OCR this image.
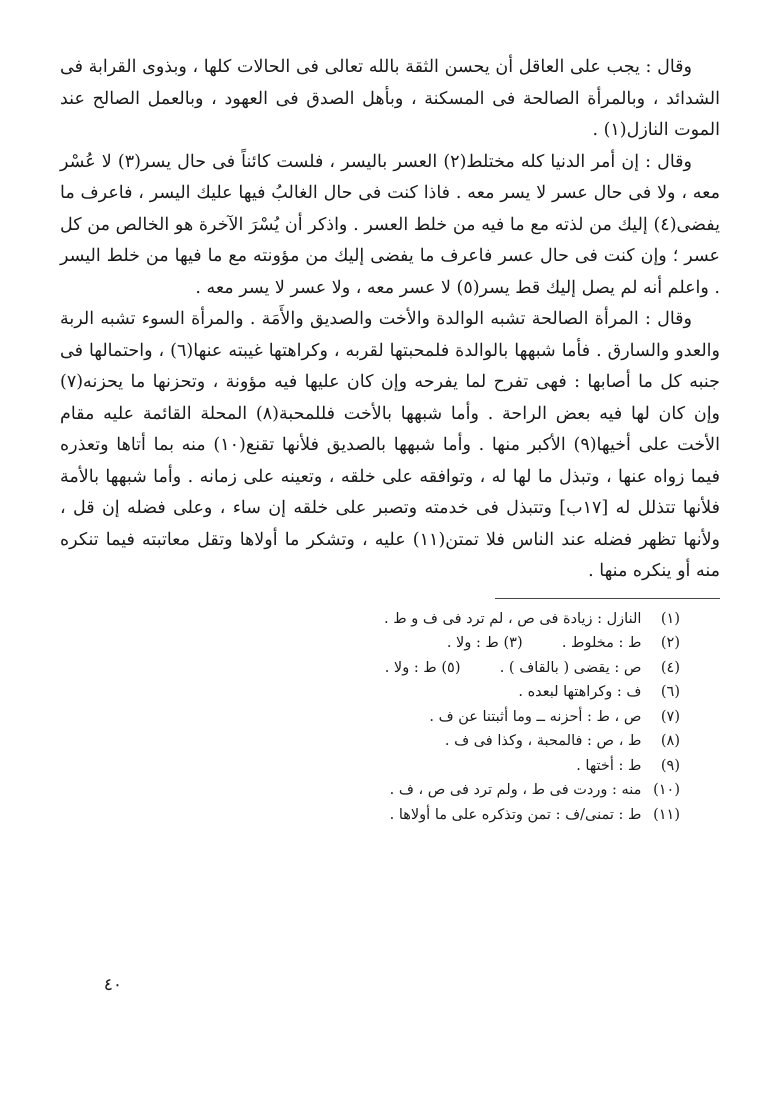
وقال : يجب على العاقل أن يحسن الثقة بالله تعالى فى الحالات كلها ، وبذوى القرابة فى الشدائد ، وبالمرأة الصالحة فى المسكنة ، وبأهل الصدق فى العهود ، وبالعمل الصالح عند الموت النازل(١) .

وقال : إن أمر الدنيا كله مختلط(٢) العسر باليسر ، فلست كائناً فى حال يسر(٣) لا عُسْر معه ، ولا فى حال عسر لا يسر معه . فاذا كنت فى حال الغالبُ فيها عليك اليسر ، فاعرف ما يفضى(٤) إليك من لذته مع ما فيه من خلط العسر . واذكر أن يُسْرَ الآخرة هو الخالص من كل عسر ؛ وإن كنت فى حال عسر فاعرف ما يفضى إليك من مؤونته مع ما فيها من خلط اليسر . واعلم أنه لم يصل إليك قط يسر(٥) لا عسر معه ، ولا عسر لا يسر معه .

وقال : المرأة الصالحة تشبه الوالدة والأخت والصديق والأَمَة . والمرأة السوء تشبه الربة والعدو والسارق . فأما شبهها بالوالدة فلمحبتها لقربه ، وكراهتها غيبته عنها(٦) ، واحتمالها فى جنبه كل ما أصابها : فهى تفرح لما يفرحه وإن كان عليها فيه مؤونة ، وتحزنها ما يحزنه(٧) وإن كان لها فيه بعض الراحة . وأما شبهها بالأخت فللمحبة(٨) المحلة القائمة عليه مقام الأخت على أخيها(٩) الأكبر منها . وأما شبهها بالصديق فلأنها تقنع(١٠) منه بما أتاها وتعذره فيما زواه عنها ، وتبذل ما لها له ، وتوافقه على خلقه ، وتعينه على زمانه . وأما شبهها بالأمة فلأنها تتذلل له [١٧ب] وتتبذل فى خدمته وتصبر على خلقه إن ساء ، وعلى فضله إن قل ، ولأنها تظهر فضله عند الناس فلا تمتن(١١) عليه ، وتشكر ما أولاها وتقل معاتبته فيما تنكره منه أو ينكره منها .

(١) النازل : زيادة فى ص ، لم ترد فى ف و ط .
(٢) ط : مخلوط .  (٣) ط : ولا .
(٤) ص : يقضى ( بالقاف ) .  (٥) ط : ولا .
(٦) ف : وكراهتها لبعده .
(٧) ص ، ط : أحزنه ــ وما أثبتنا عن ف .
(٨) ط ، ص : فالمحبة ، وكذا فى ف .
(٩) ط : أختها .
(١٠) منه : وردت فى ط ، ولم ترد فى ص ، ف .
(١١) ط : تمنى/ف : تمن وتذكره على ما أولاها .
٤٠
